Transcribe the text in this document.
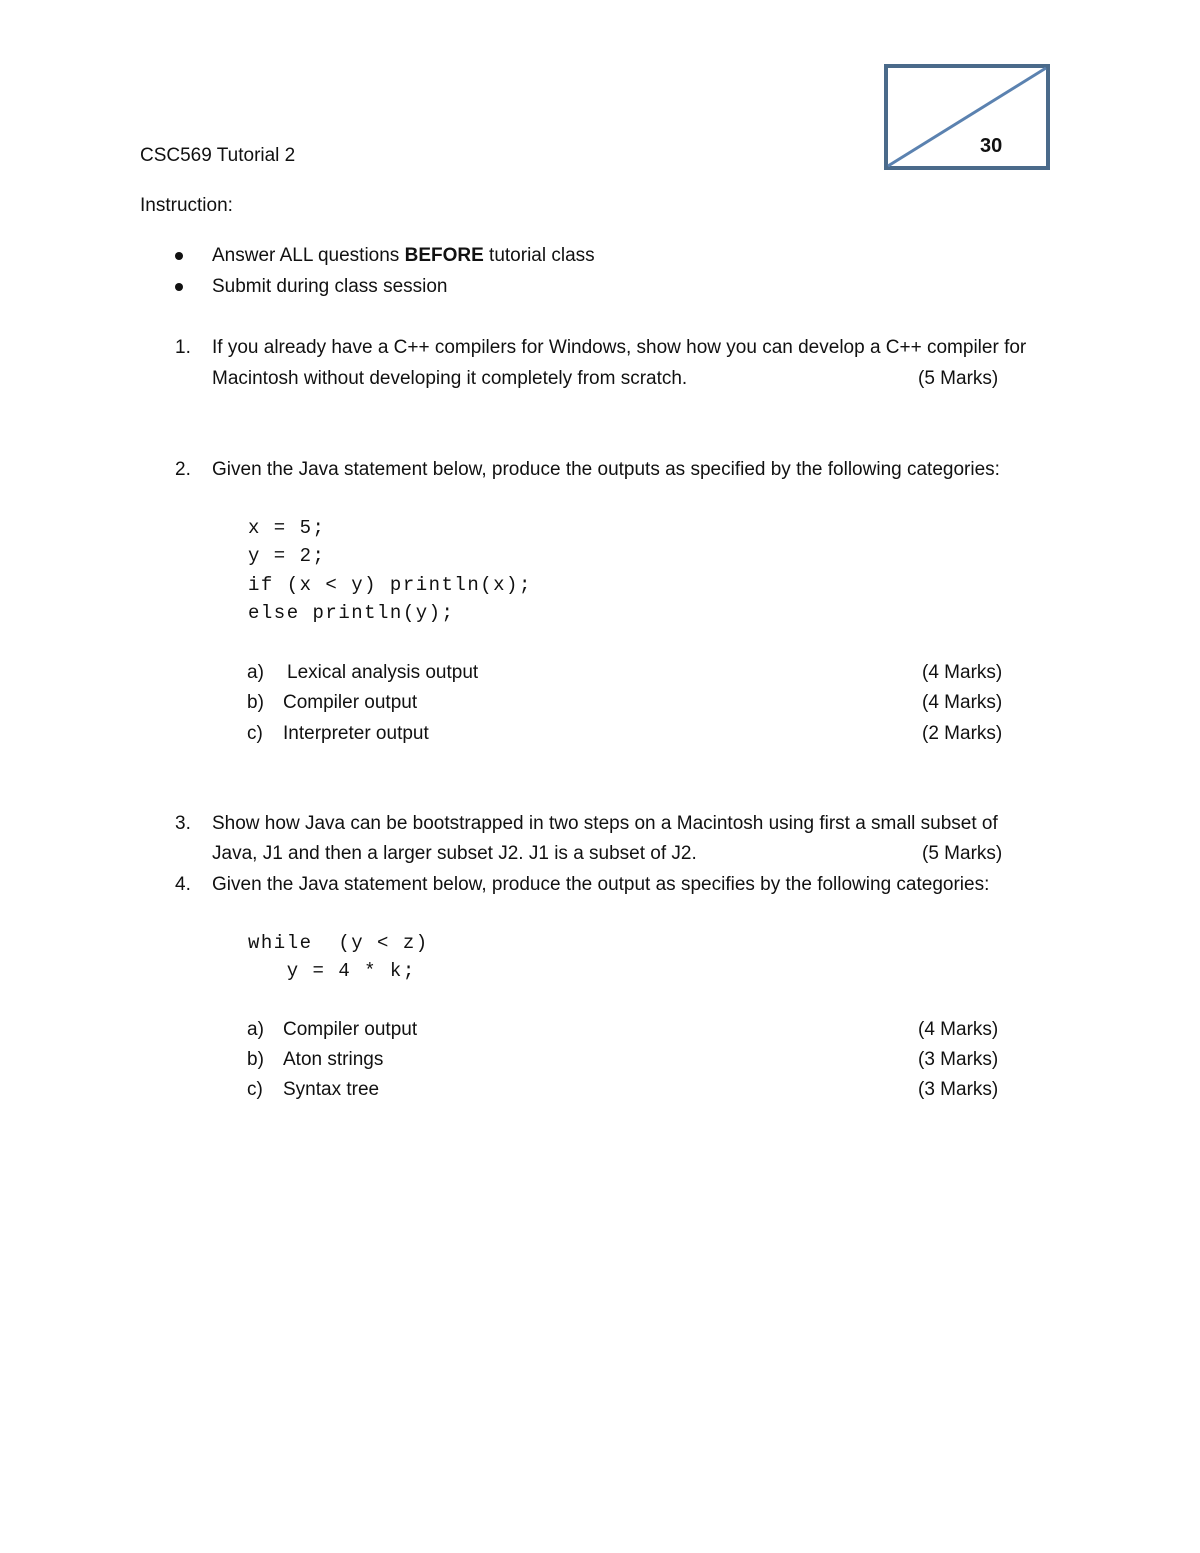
30
CSC569 Tutorial 2
Instruction:
Answer ALL questions BEFORE tutorial class
Submit during class session
1. If you already have a C++ compilers for Windows, show how you can develop a C++ compiler for
Macintosh without developing it completely from scratch.	(5 Marks)
2. Given the Java statement below, produce the outputs as specified by the following categories:
x = 5;
y = 2;
if (x < y) println(x);
else println(y);
a) Lexical analysis output	(4 Marks)
b) Compiler output	(4 Marks)
c) Interpreter output	(2 Marks)
3. Show how Java can be bootstrapped in two steps on a Macintosh using first a small subset of
Java, J1 and then a larger subset J2. J1 is a subset of J2.	(5 Marks)
4. Given the Java statement below, produce the output as specifies by the following categories:
while  (y < z)
y = 4 * k;
a) Compiler output	(4 Marks)
b) Aton strings	(3 Marks)
c) Syntax tree	(3 Marks)
